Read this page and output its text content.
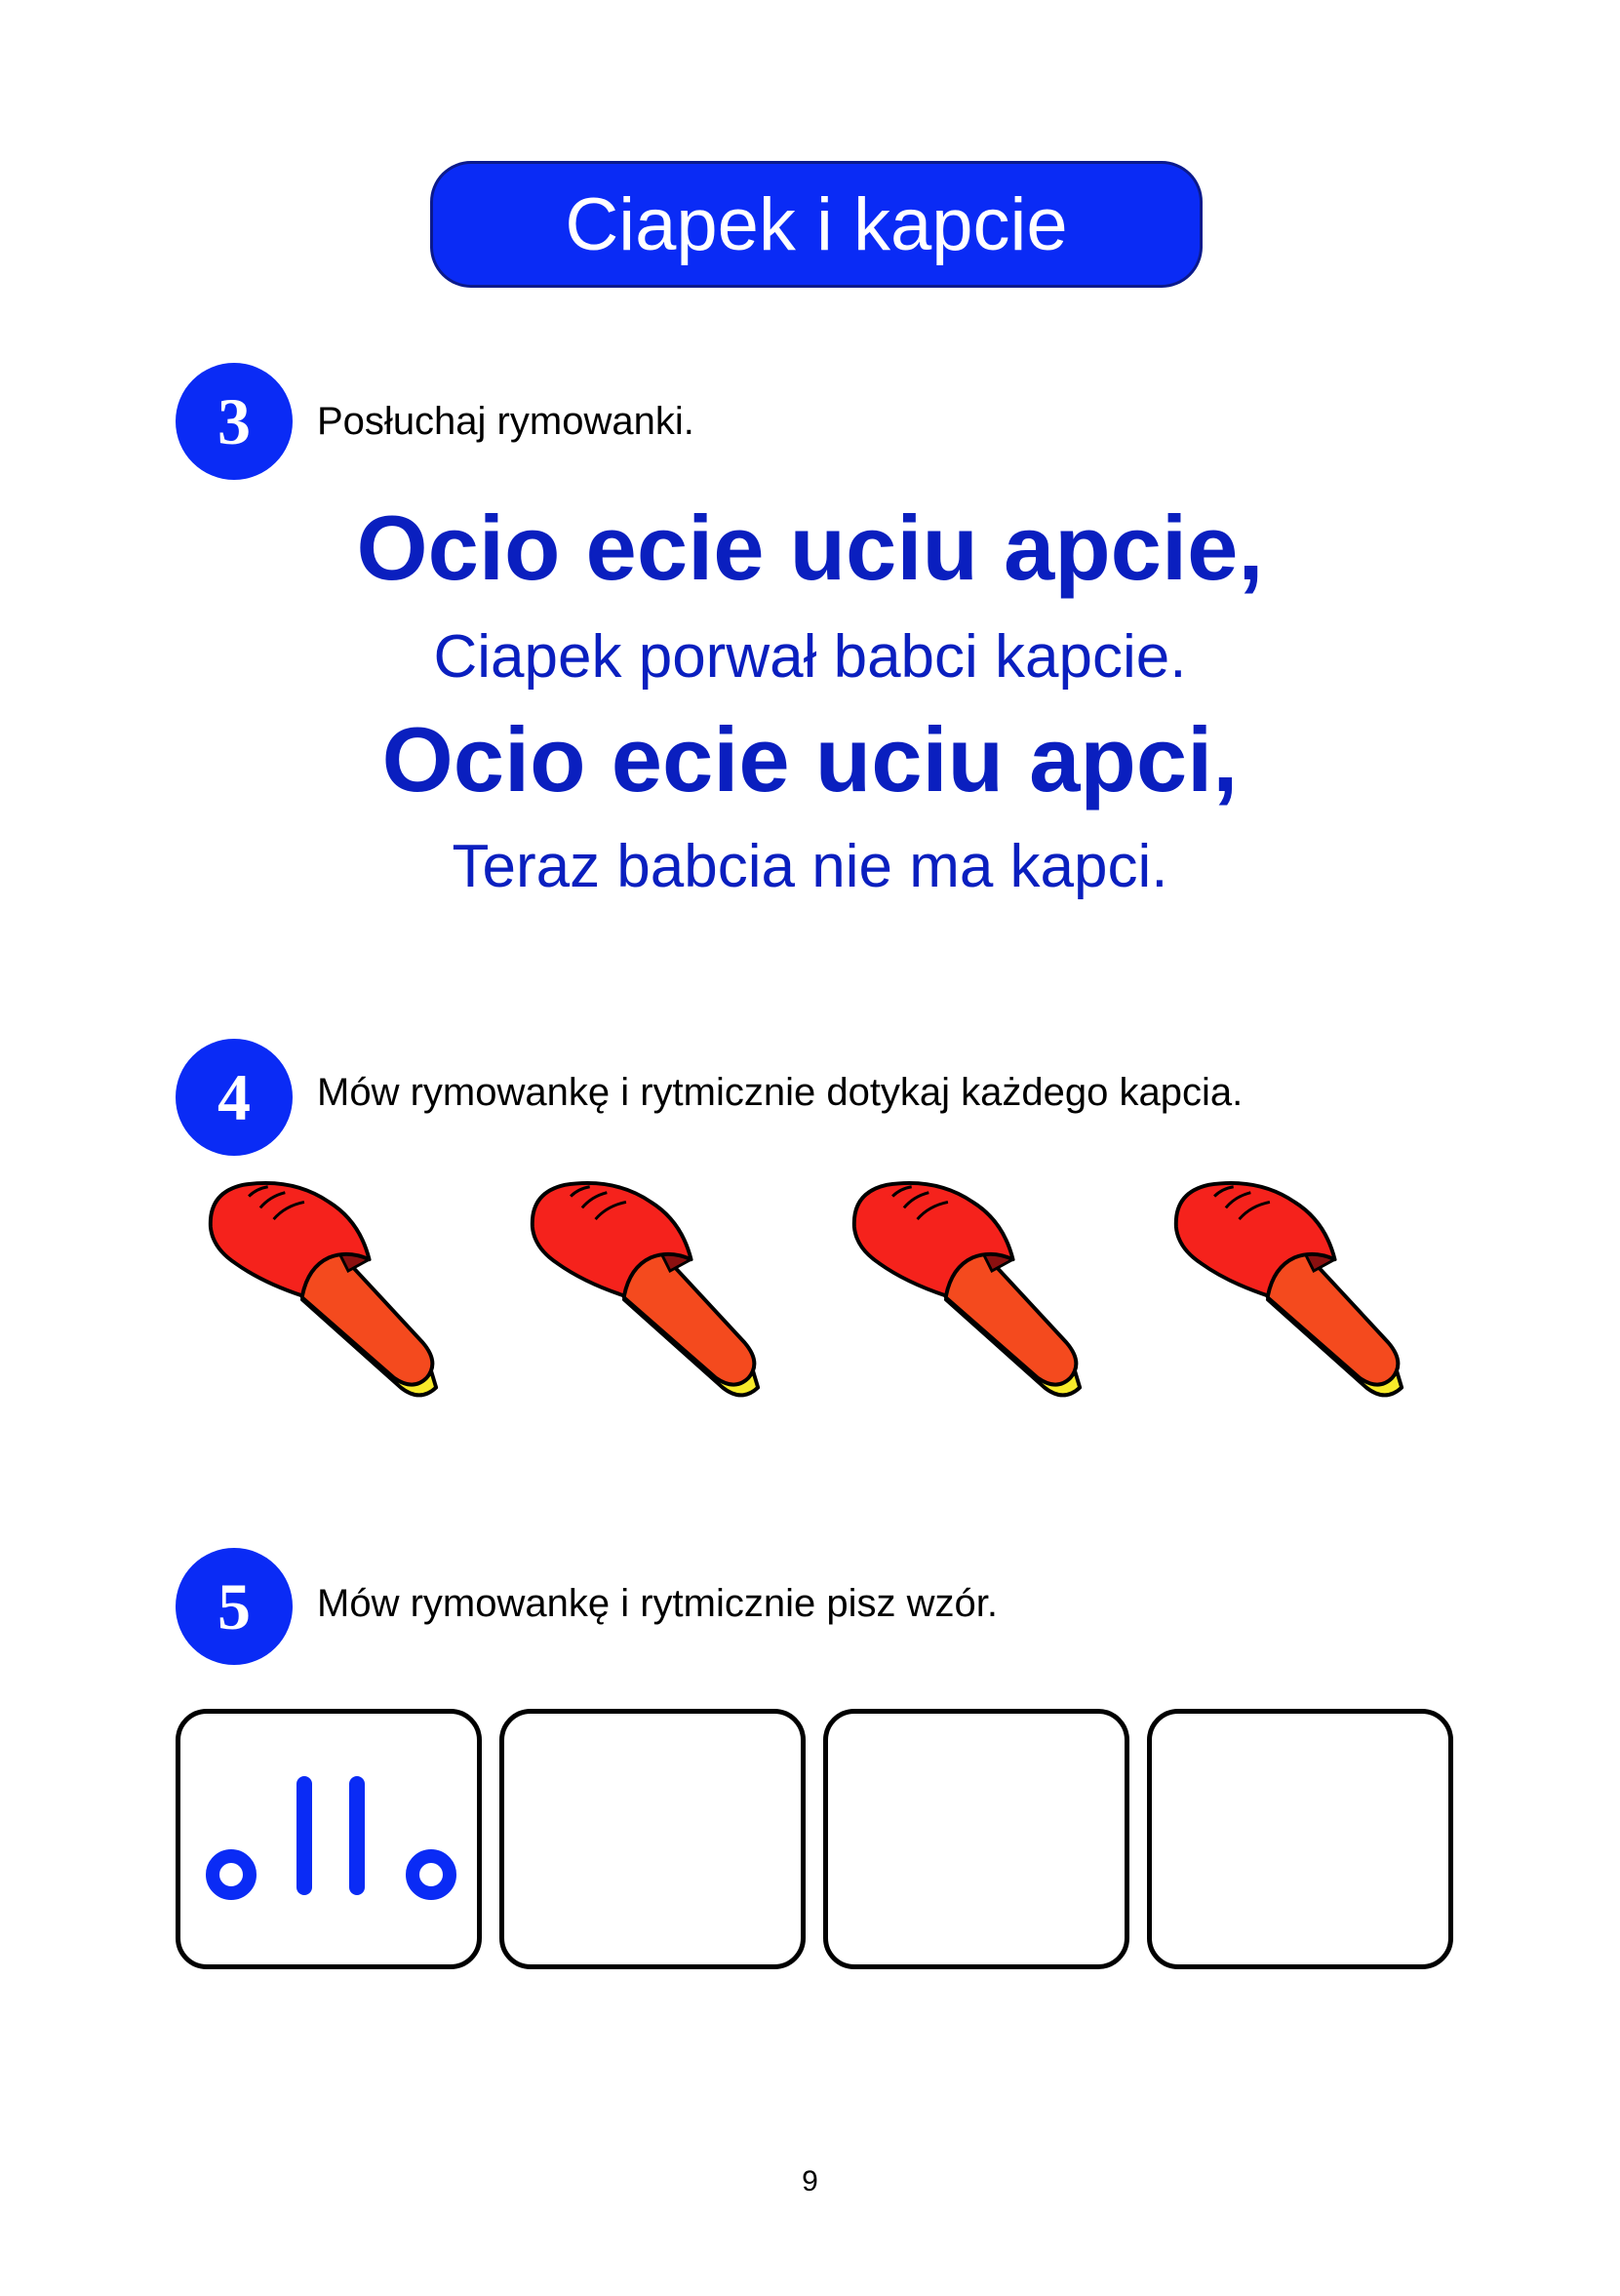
Ciapek i kapcie
3 Posłuchaj rymowanki.
Ocio ecie uciu apcie,
Ciapek porwał babci kapcie.
Ocio ecie uciu apci,
Teraz babcia nie ma kapci.
4 Mów rymowankę i rytmicznie dotykaj każdego kapcia.
5 Mów rymowankę i rytmicznie pisz wzór.
9
